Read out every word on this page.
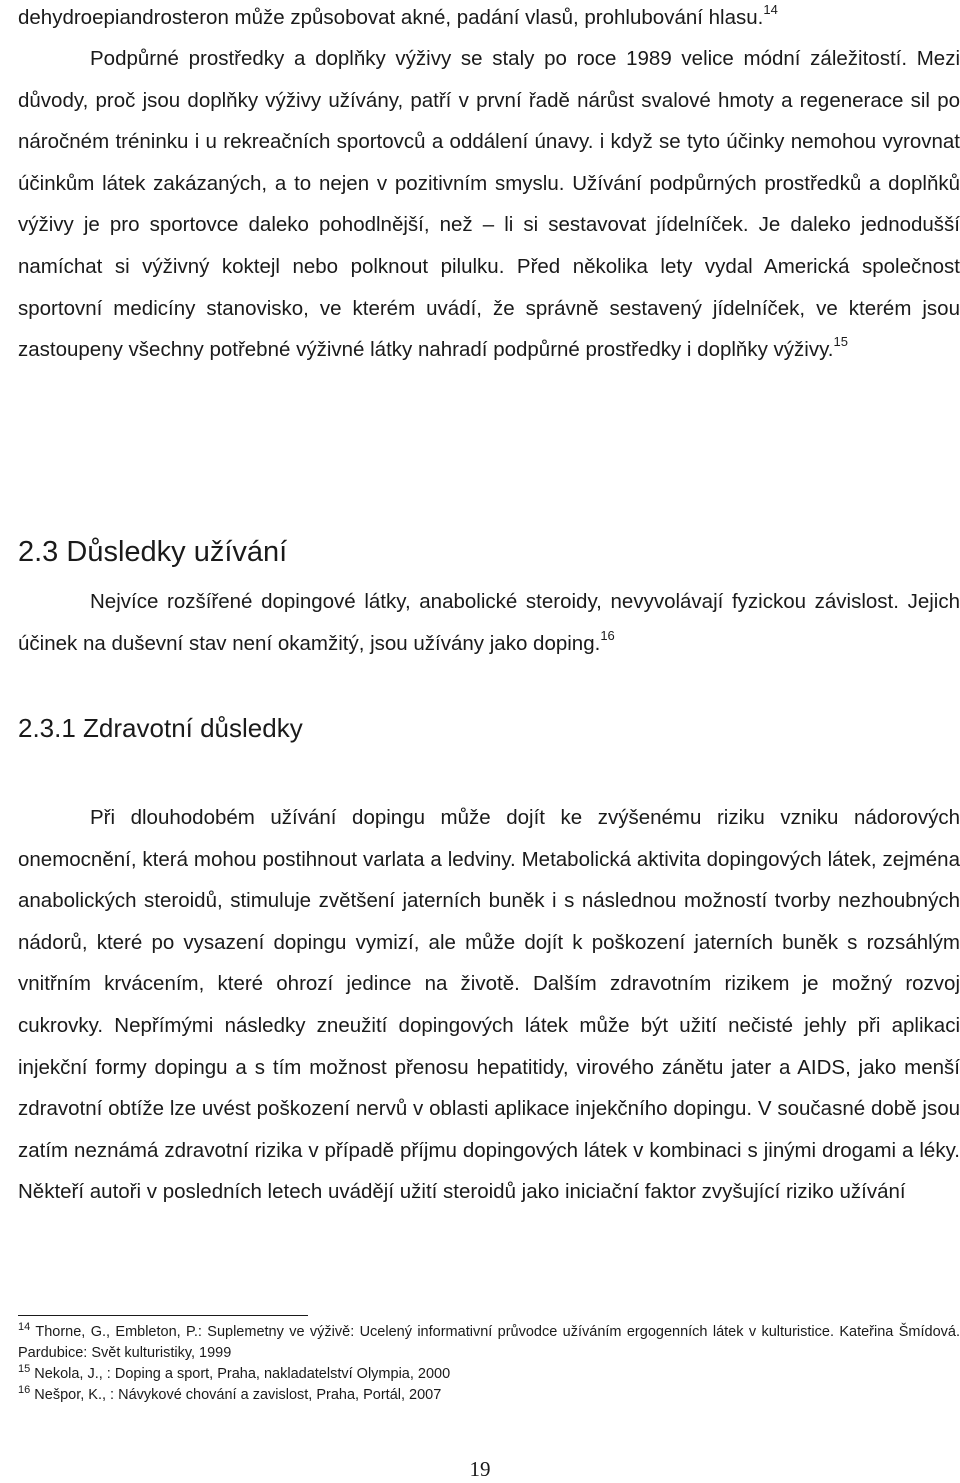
dehydroepiandrosteron může způsobovat akné, padání vlasů, prohlubování hlasu.$^{14}$

Podpůrné prostředky a doplňky výživy se staly po roce 1989 velice módní záležitostí. Mezi důvody, proč jsou doplňky výživy užívány, patří v první řadě nárůst svalové hmoty a regenerace sil po náročném tréninku i u rekreačních sportovců a oddálení únavy. i když se tyto účinky nemohou vyrovnat účinkům látek zakázaných, a to nejen v pozitivním smyslu. Užívání podpůrných prostředků a doplňků výživy je pro sportovce daleko pohodlnější, než – li si sestavovat jídelníček. Je daleko jednodušší namíchat si výživný koktejl nebo polknout pilulku. Před několika lety vydal Americká společnost sportovní medicíny stanovisko, ve kterém uvádí, že správně sestavený jídelníček, ve kterém jsou zastoupeny všechny potřebné výživné látky nahradí podpůrné prostředky i doplňky výživy.$^{15}$

2.3 Důsledky užívání

Nejvíce rozšířené dopingové látky, anabolické steroidy, nevyvolávají fyzickou závislost. Jejich účinek na duševní stav není okamžitý, jsou užívány jako doping.$^{16}$

2.3.1 Zdravotní důsledky

Při dlouhodobém užívání dopingu může dojít ke zvýšenému riziku vzniku nádorových onemocnění, která mohou postihnout varlata a ledviny. Metabolická aktivita dopingových látek, zejména anabolických steroidů, stimuluje zvětšení jaterních buněk i s následnou možností tvorby nezhoubných nádorů, které po vysazení dopingu vymizí, ale může dojít k poškození jaterních buněk s rozsáhlým vnitřním krvácením, které ohrozí jedince na životě. Dalším zdravotním rizikem je možný rozvoj cukrovky. Nepřímými následky zneužití dopingových látek může být užití nečisté jehly při aplikaci injekční formy dopingu a s tím možnost přenosu hepatitidy, virového zánětu jater a AIDS, jako menší zdravotní obtíže lze uvést poškození nervů v oblasti aplikace injekčního dopingu. V současné době jsou zatím neznámá zdravotní rizika v případě příjmu dopingových látek v kombinaci s jinými drogami a léky. Někteří autoři v posledních letech uvádějí užití steroidů jako iniciační faktor zvyšující riziko užívání

$^{14}$ Thorne, G., Embleton, P.: Suplemetny ve výživě: Ucelený informativní průvodce užíváním ergogenních látek v kulturistice. Kateřina Šmídová. Pardubice: Svět kulturistiky, 1999

$^{15}$ Nekola, J., : Doping a sport, Praha, nakladatelství Olympia, 2000

$^{16}$ Nešpor, K., : Návykové chování a zavislost, Praha, Portál, 2007

19
